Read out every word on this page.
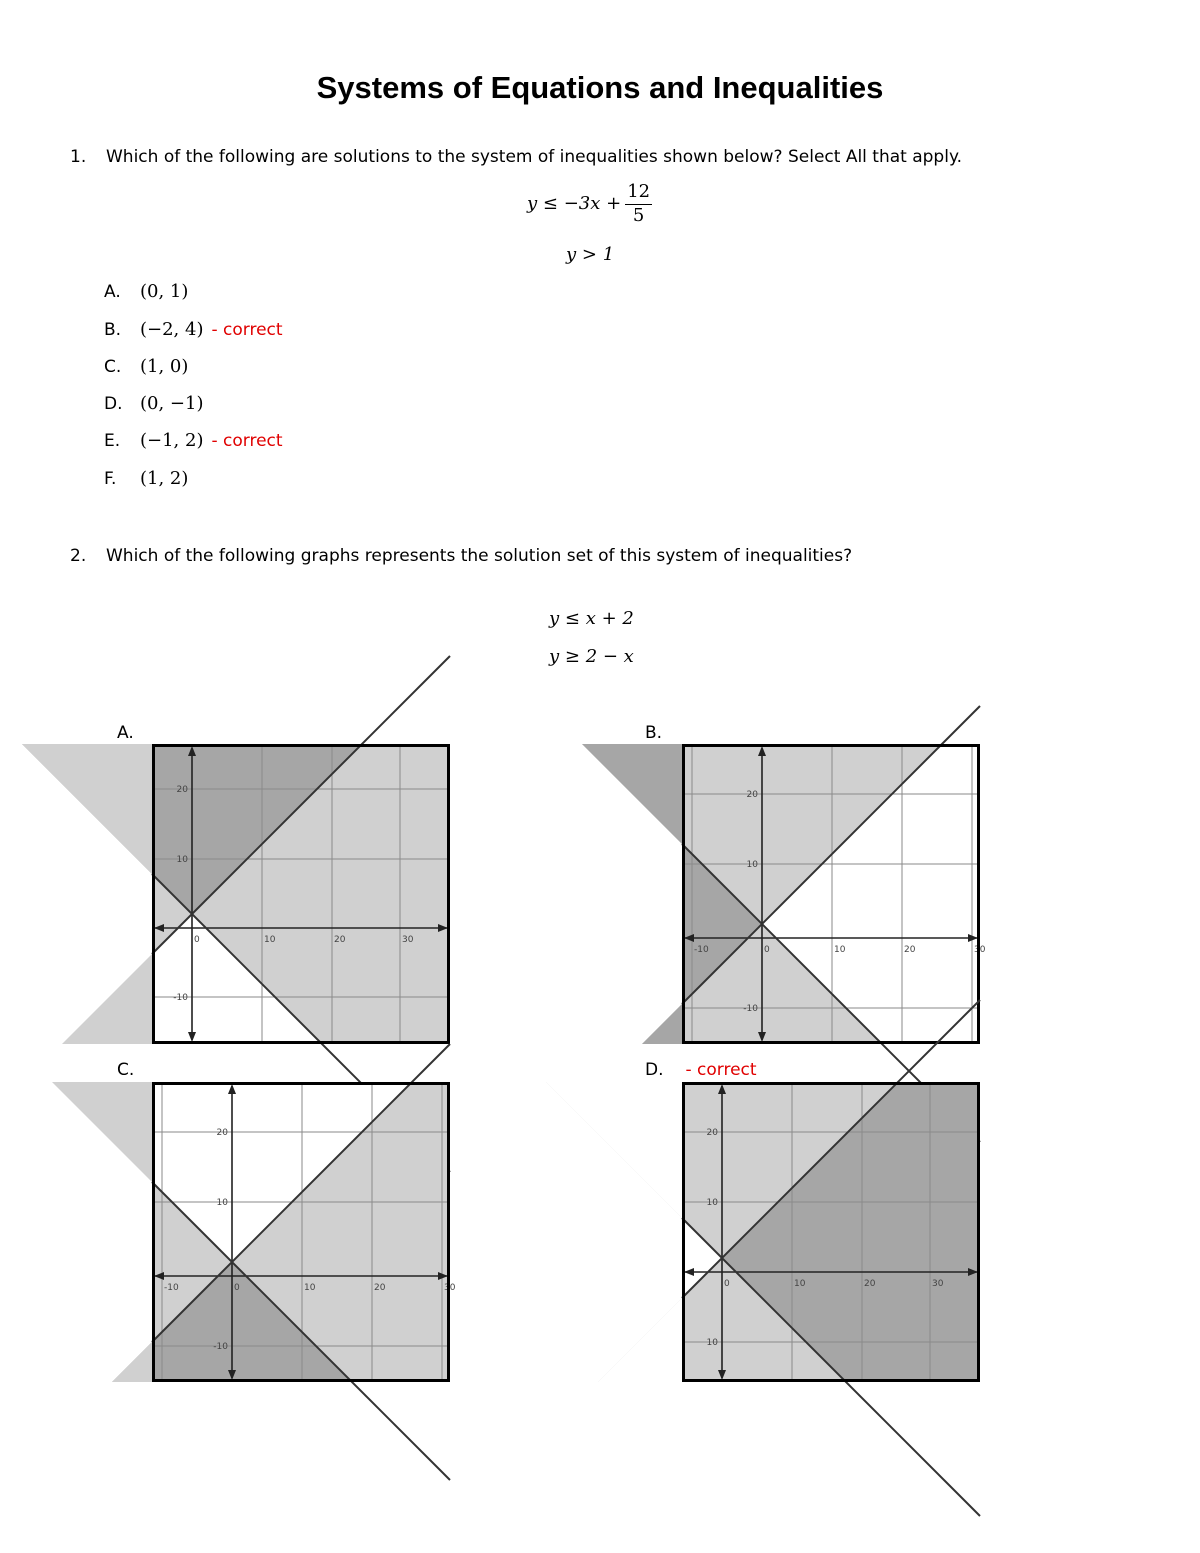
Systems of Equations and Inequalities
1. Which of the following are solutions to the system of inequalities shown below? Select All that apply.
$y \le -3x + \frac{12}{5}$
y > 1
A. (0, 1)
B. (−2, 4) - correct
C. (1, 0)
D. (0, −1)
E. (−1, 2) - correct
F. (1, 2)
2. Which of the following graphs represents the solution set of this system of inequalities?
y ≤ x + 2
y ≥ 2 − x
A.	B.
C.	D. - correct
0	10	20	30
20
10
-10
-10	0	10	20	30
20
10
-10
-10	0	10	20	30
20
10
-10
0	10	20	30
20
10
10
